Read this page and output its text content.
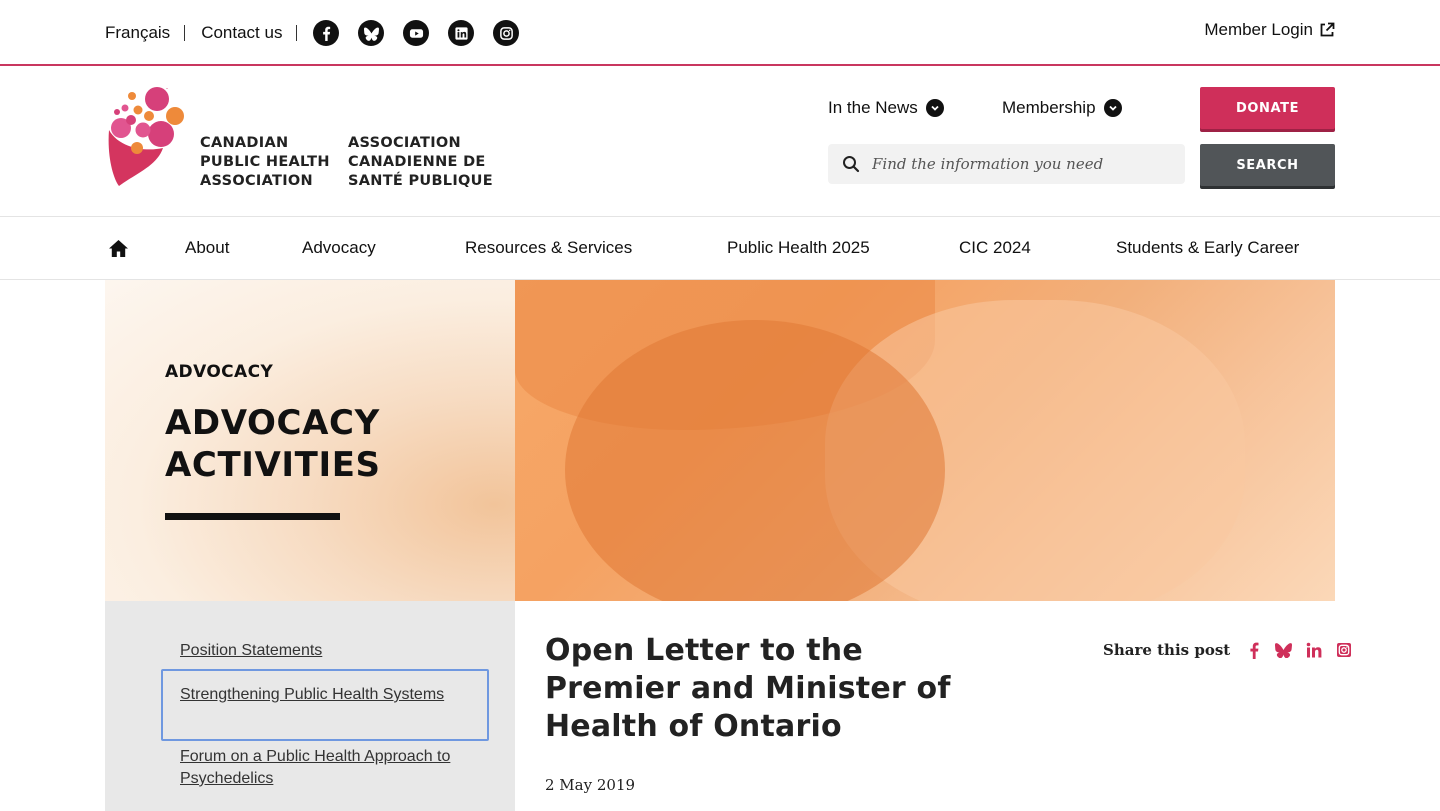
Français Contact us	Member Login
CANADIAN
PUBLIC HEALTH
ASSOCIATION
ASSOCIATION
CANADIENNE DE
SANTÉ PUBLIQUE
In the News	Membership	DONATE
Find the information you need
SEARCH
About	Advocacy	Resources & Services	Public Health 2025	CIC 2024	Students & Early Career
ADVOCACY
ADVOCACY ACTIVITIES
Position Statements
Strengthening Public Health Systems
Forum on a Public Health Approach to Psychedelics
Open Letter to the Premier and Minister of Health of Ontario
2 May 2019
Share this post
